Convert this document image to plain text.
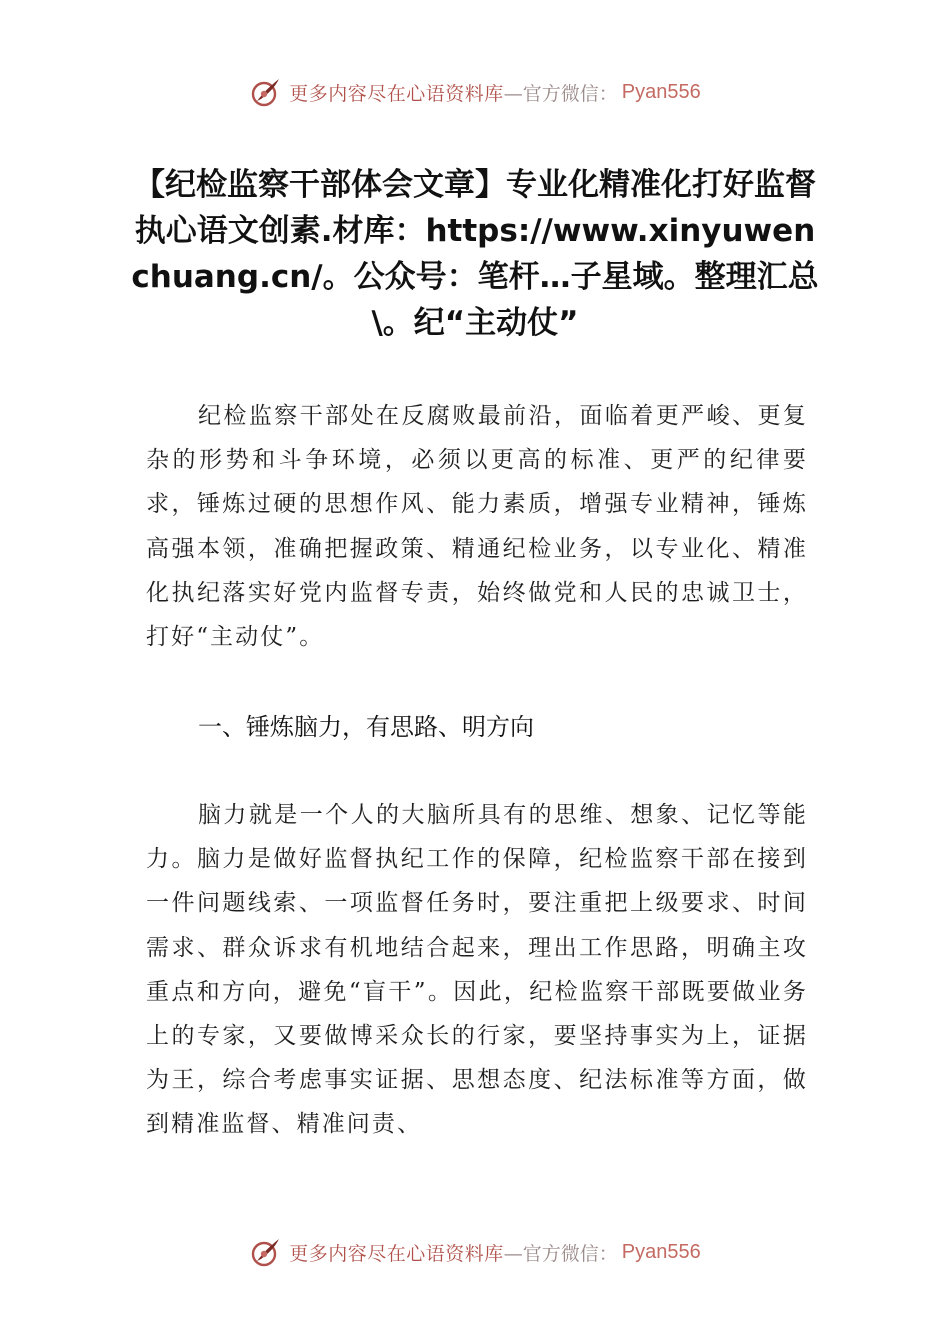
更多内容尽在心语资料库 —官方微信： Pyan556
【纪检监察干部体会文章】专业化精准化打好监督执心语文创素.材库：https://www.xinyuwenchuang.cn/。公众号：笔杆…子星域。整理汇总\。纪“主动仗”

纪检监察干部处在反腐败最前沿，面临着更严峻、更复杂的形势和斗争环境，必须以更高的标准、更严的纪律要求，锤炼过硬的思想作风、能力素质，增强专业精神，锤炼高强本领，准确把握政策、精通纪检业务，以专业化、精准化执纪落实好党内监督专责，始终做党和人民的忠诚卫士，打好“主动仗”。

一、锤炼脑力，有思路、明方向

脑力就是一个人的大脑所具有的思维、想象、记忆等能力。脑力是做好监督执纪工作的保障，纪检监察干部在接到一件问题线索、一项监督任务时，要注重把上级要求、时间需求、群众诉求有机地结合起来，理出工作思路，明确主攻重点和方向，避免“盲干”。因此，纪检监察干部既要做业务上的专家，又要做博采众长的行家，要坚持事实为上，证据为王，综合考虑事实证据、思想态度、纪法标准等方面，做到精准监督、精准问责、

更多内容尽在心语资料库 —官方微信： Pyan556
